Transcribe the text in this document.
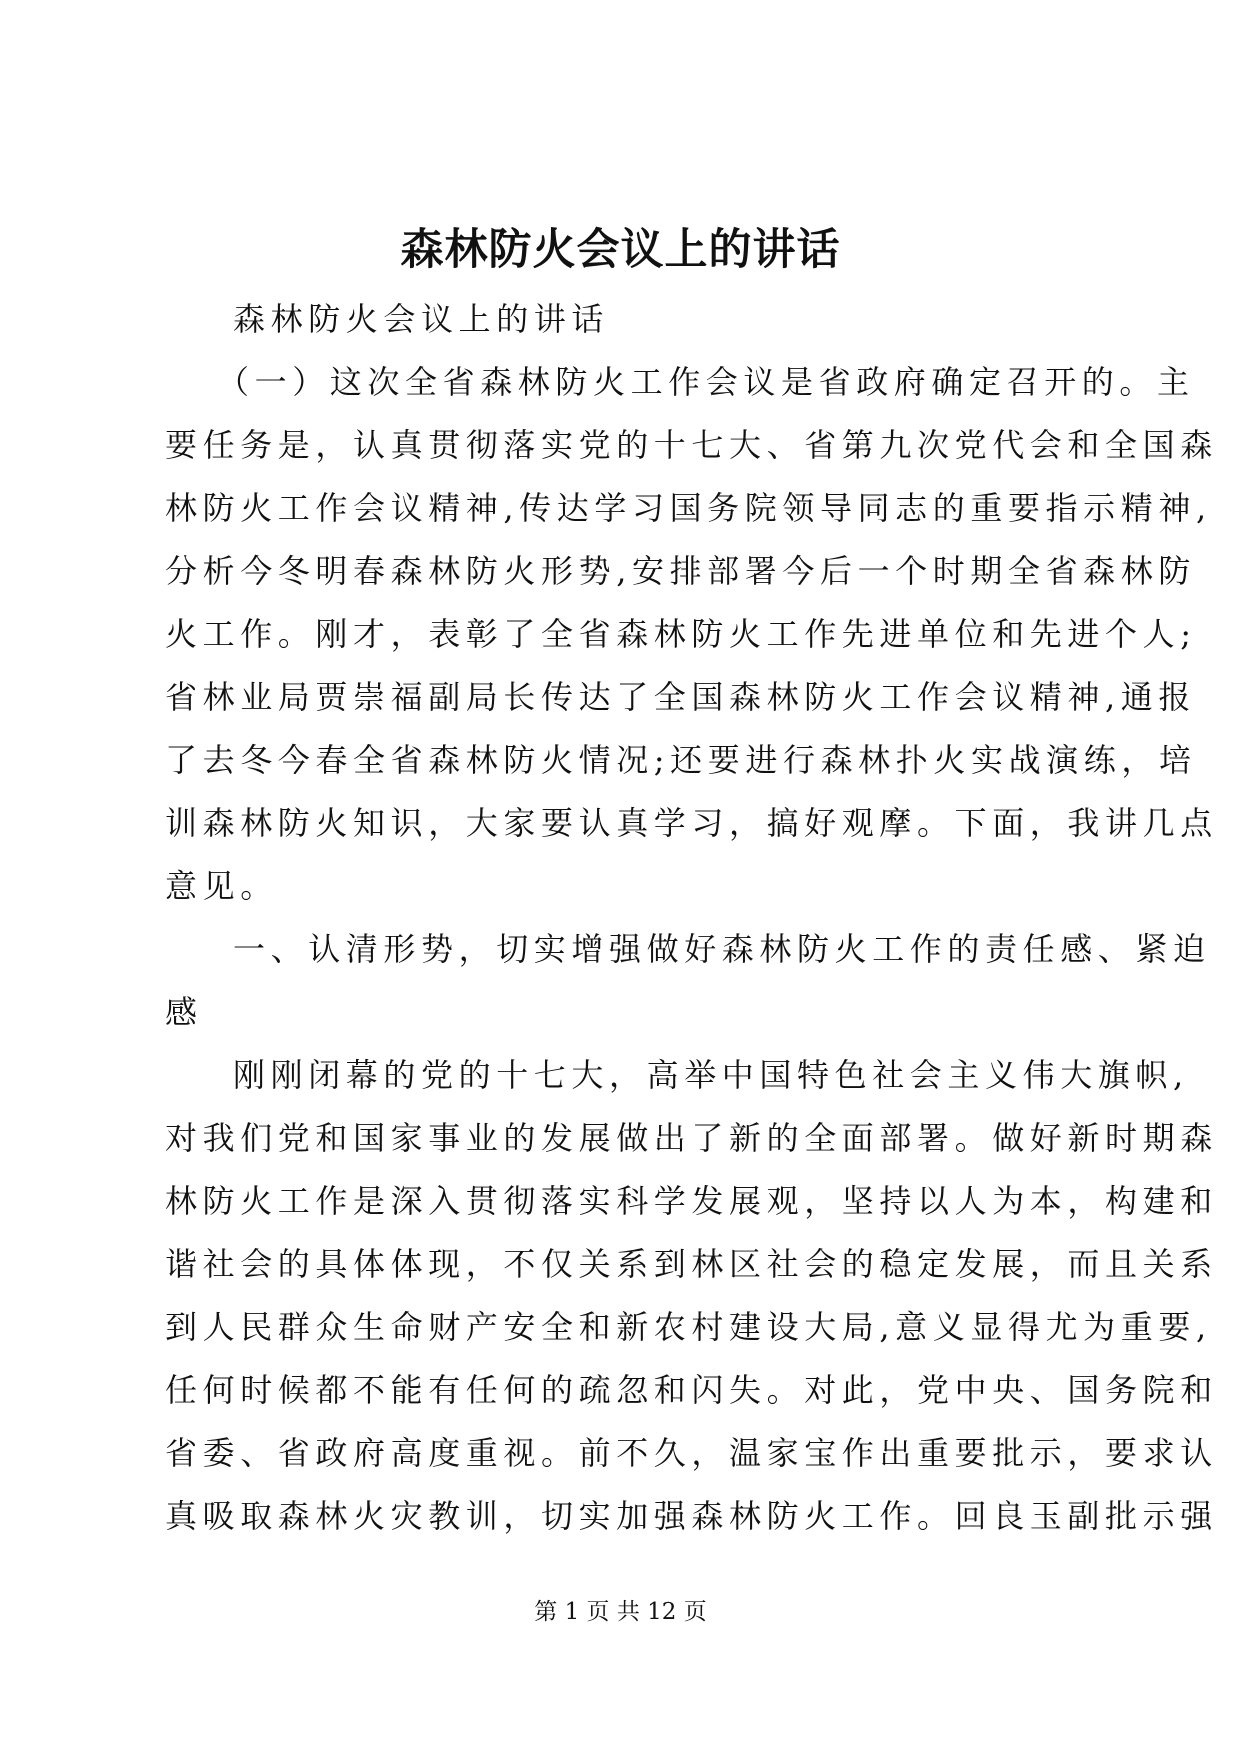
森林防火会议上的讲话
森林防火会议上的讲话
（一）这次全省森林防火工作会议是省政府确定召开的。主
要任务是，认真贯彻落实党的十七大、省第九次党代会和全国森
林防火工作会议精神,传达学习国务院领导同志的重要指示精神,
分析今冬明春森林防火形势,安排部署今后一个时期全省森林防
火工作。刚才，表彰了全省森林防火工作先进单位和先进个人;
省林业局贾崇福副局长传达了全国森林防火工作会议精神,通报
了去冬今春全省森林防火情况;还要进行森林扑火实战演练，培
训森林防火知识，大家要认真学习，搞好观摩。下面，我讲几点
意见。
一、认清形势，切实增强做好森林防火工作的责任感、紧迫
感
刚刚闭幕的党的十七大，高举中国特色社会主义伟大旗帜,
对我们党和国家事业的发展做出了新的全面部署。做好新时期森
林防火工作是深入贯彻落实科学发展观，坚持以人为本，构建和
谐社会的具体体现，不仅关系到林区社会的稳定发展，而且关系
到人民群众生命财产安全和新农村建设大局,意义显得尤为重要,
任何时候都不能有任何的疏忽和闪失。对此，党中央、国务院和
省委、省政府高度重视。前不久，温家宝作出重要批示，要求认
真吸取森林火灾教训，切实加强森林防火工作。回良玉副批示强
第 1 页 共 12 页
